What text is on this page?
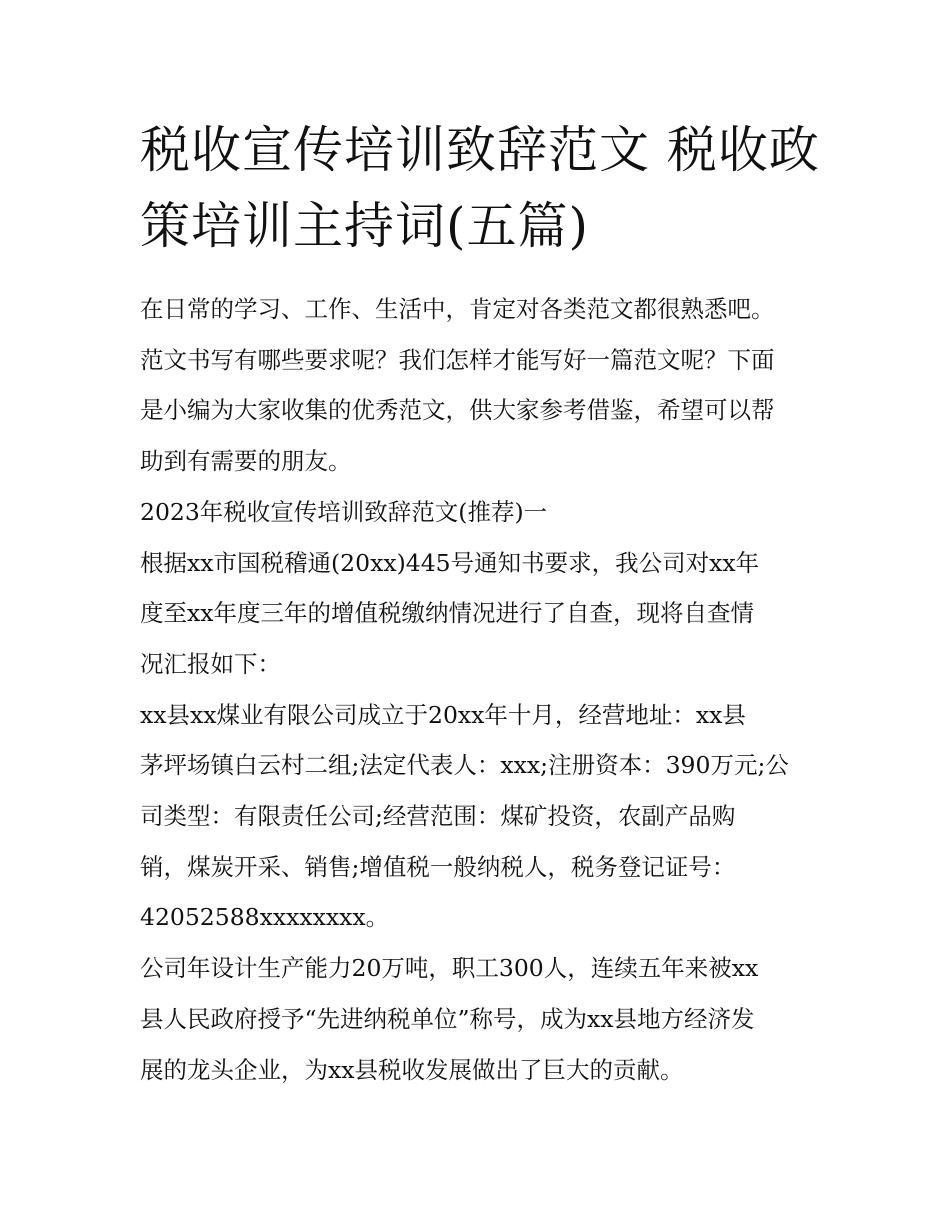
税收宣传培训致辞范文 税收政
策培训主持词(五篇)
在日常的学习、工作、生活中，肯定对各类范文都很熟悉吧。
范文书写有哪些要求呢？我们怎样才能写好一篇范文呢？下面
是小编为大家收集的优秀范文，供大家参考借鉴，希望可以帮
助到有需要的朋友。
2023年税收宣传培训致辞范文(推荐)一
根据xx市国税稽通(20xx)445号通知书要求，我公司对xx年
度至xx年度三年的增值税缴纳情况进行了自查，现将自查情
况汇报如下：
xx县xx煤业有限公司成立于20xx年十月，经营地址：xx县
茅坪场镇白云村二组;法定代表人：xxx;注册资本：390万元;公
司类型：有限责任公司;经营范围：煤矿投资，农副产品购
销，煤炭开采、销售;增值税一般纳税人，税务登记证号：
42052588xxxxxxxx。
公司年设计生产能力20万吨，职工300人，连续五年来被xx
县人民政府授予“先进纳税单位”称号，成为xx县地方经济发
展的龙头企业，为xx县税收发展做出了巨大的贡献。
